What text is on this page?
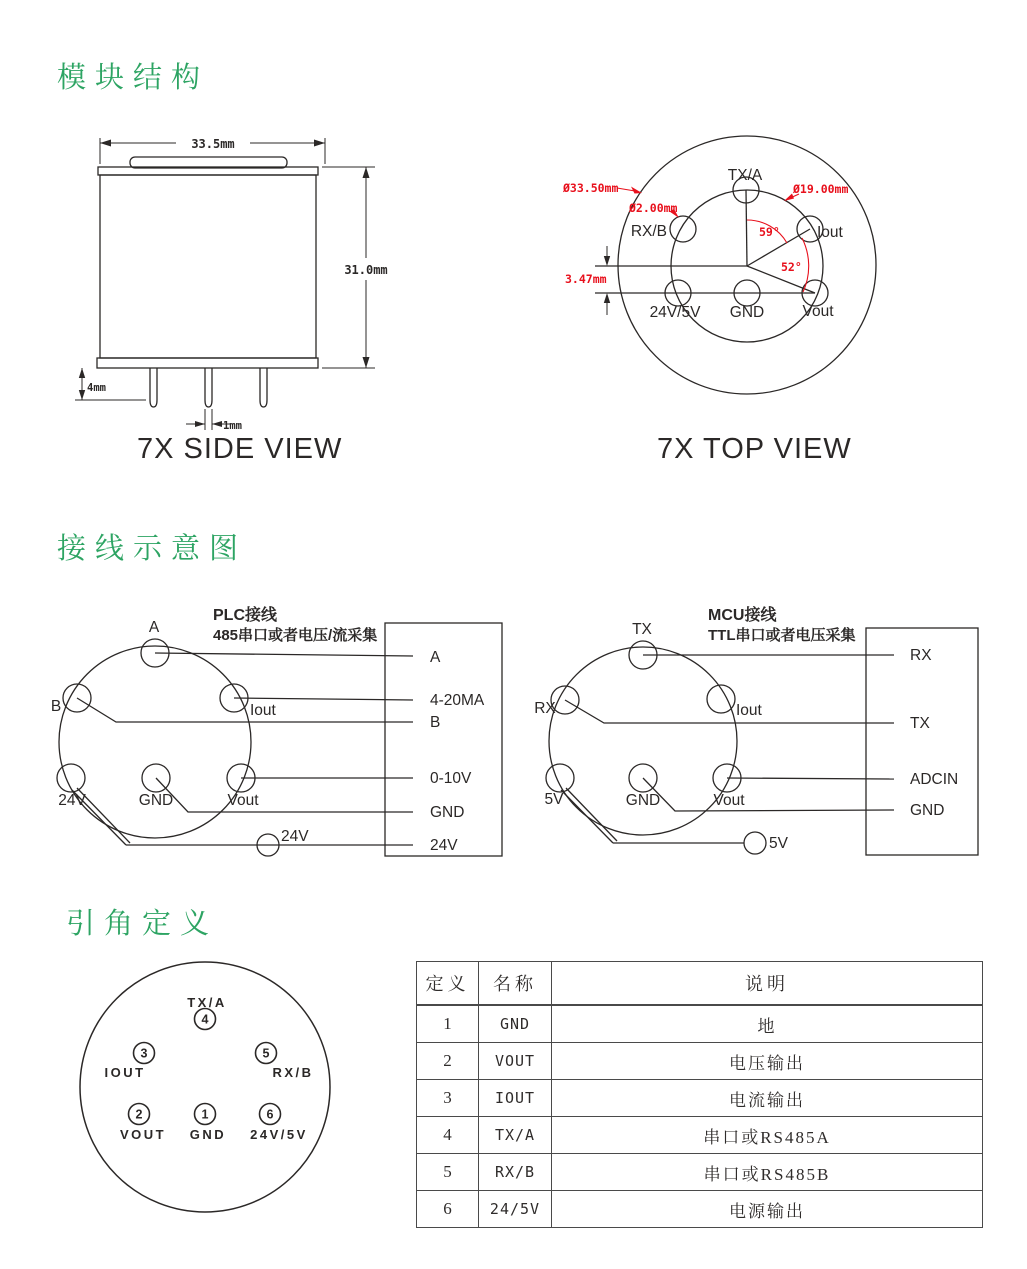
模块结构
33.5mm
31.0mm
4mm
1mm
7X SIDE VIEW
Ø33.50mm
Ø2.00mm
Ø19.00mm
3.47mm
59°
52°
TX/A
RX/B	Iout
24V/5V GND Vout
7X TOP VIEW
接线示意图
PLC接线
485串口或者电压/流采集
A
4-20MA
B
0-10V
GND
24V
A
B	Iout
24V	GND	Vout
24V
MCU接线
TTL串口或者电压采集
RX
TX
ADCIN
GND
TX
RX	Iout
5V	GND	Vout
5V
引角定义
4
TX/A
3
IOUT
5
RX/B
2
VOUT
1
GND
6
24V/5V
定义	名称	说明
1	GND	地
2	VOUT	电压输出
3	IOUT	电流输出
4	TX/A	串口或RS485A
5	RX/B	串口或RS485B
6	24/5V	电源输出
